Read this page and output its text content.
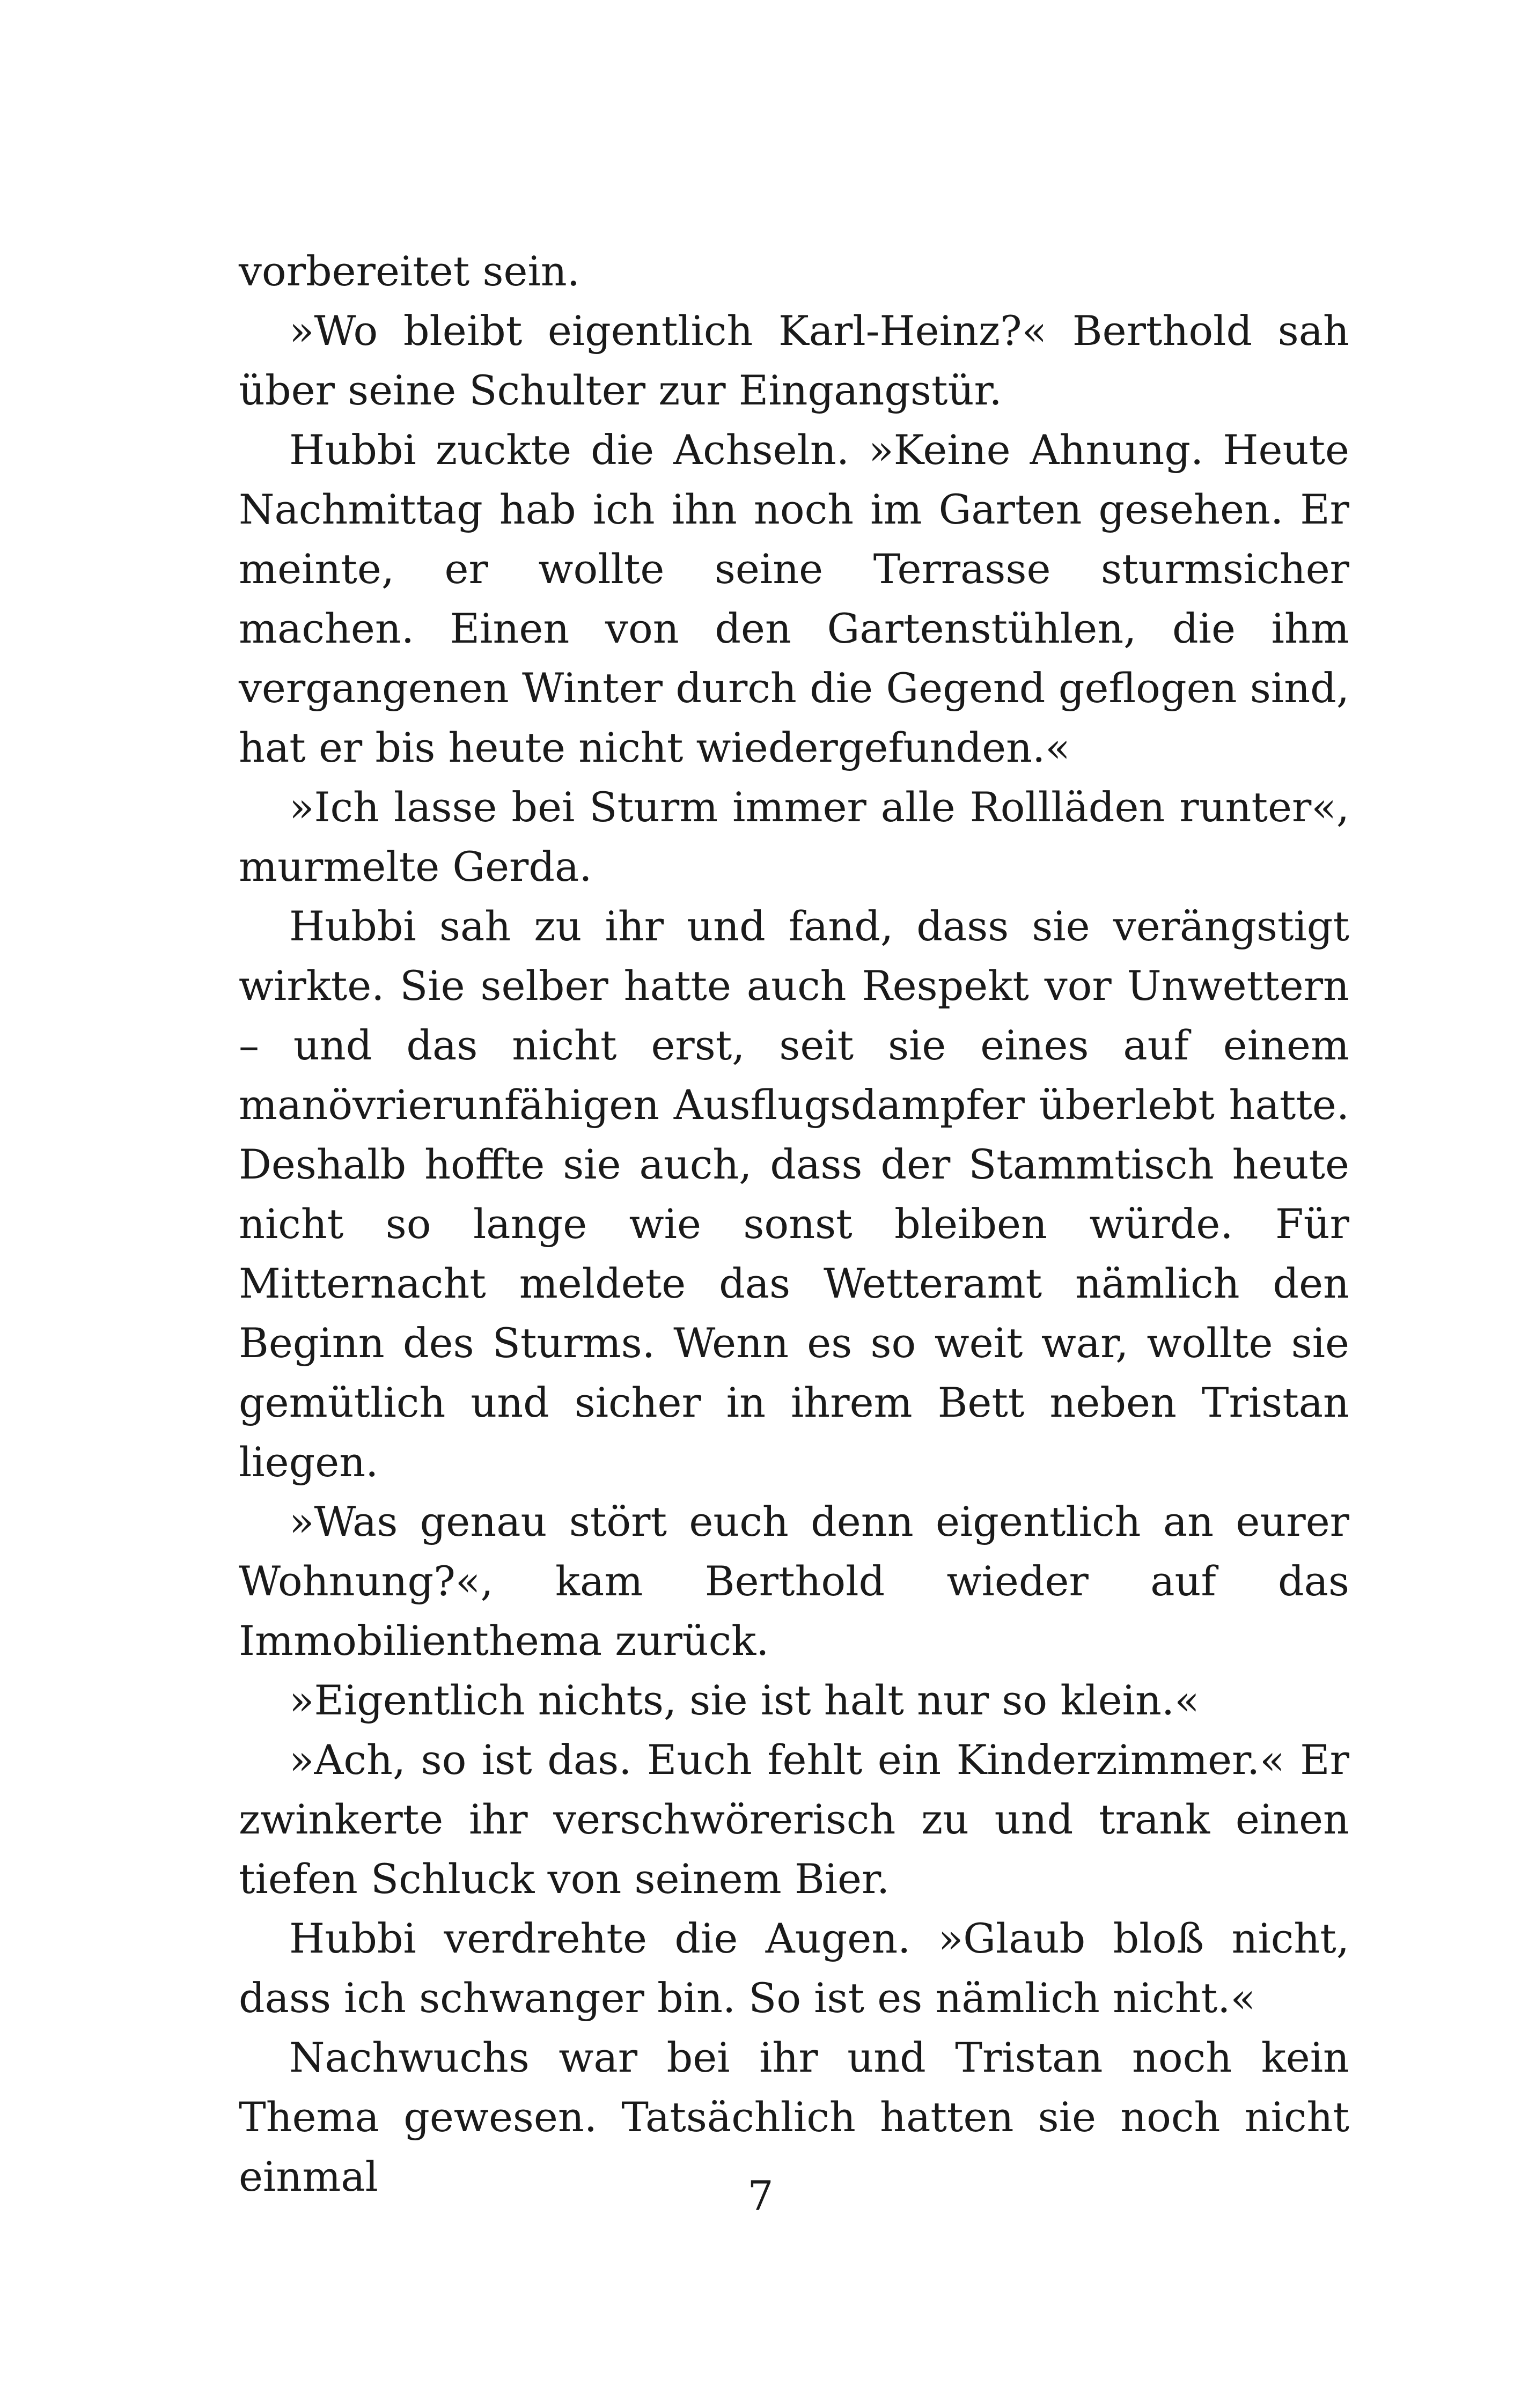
vorbereitet sein.

»Wo bleibt eigentlich Karl-Heinz?« Berthold sah über seine Schulter zur Eingangstür.

Hubbi zuckte die Achseln. »Keine Ahnung. Heute Nachmittag hab ich ihn noch im Garten gesehen. Er meinte, er wollte seine Terrasse sturmsicher machen. Einen von den Gartenstühlen, die ihm vergangenen Winter durch die Gegend geflogen sind, hat er bis heute nicht wiedergefunden.«

»Ich lasse bei Sturm immer alle Rollläden runter«, murmelte Gerda.

Hubbi sah zu ihr und fand, dass sie verängstigt wirkte. Sie selber hatte auch Respekt vor Unwettern – und das nicht erst, seit sie eines auf einem manövrierunfähigen Ausflugsdampfer überlebt hatte. Deshalb hoffte sie auch, dass der Stammtisch heute nicht so lange wie sonst bleiben würde. Für Mitternacht meldete das Wetteramt nämlich den Beginn des Sturms. Wenn es so weit war, wollte sie gemütlich und sicher in ihrem Bett neben Tristan liegen.

»Was genau stört euch denn eigentlich an eurer Wohnung?«, kam Berthold wieder auf das Immobilienthema zurück.

»Eigentlich nichts, sie ist halt nur so klein.«

»Ach, so ist das. Euch fehlt ein Kinderzimmer.« Er zwinkerte ihr verschwörerisch zu und trank einen tiefen Schluck von seinem Bier.

Hubbi verdrehte die Augen. »Glaub bloß nicht, dass ich schwanger bin. So ist es nämlich nicht.«

Nachwuchs war bei ihr und Tristan noch kein Thema gewesen. Tatsächlich hatten sie noch nicht einmal	7
